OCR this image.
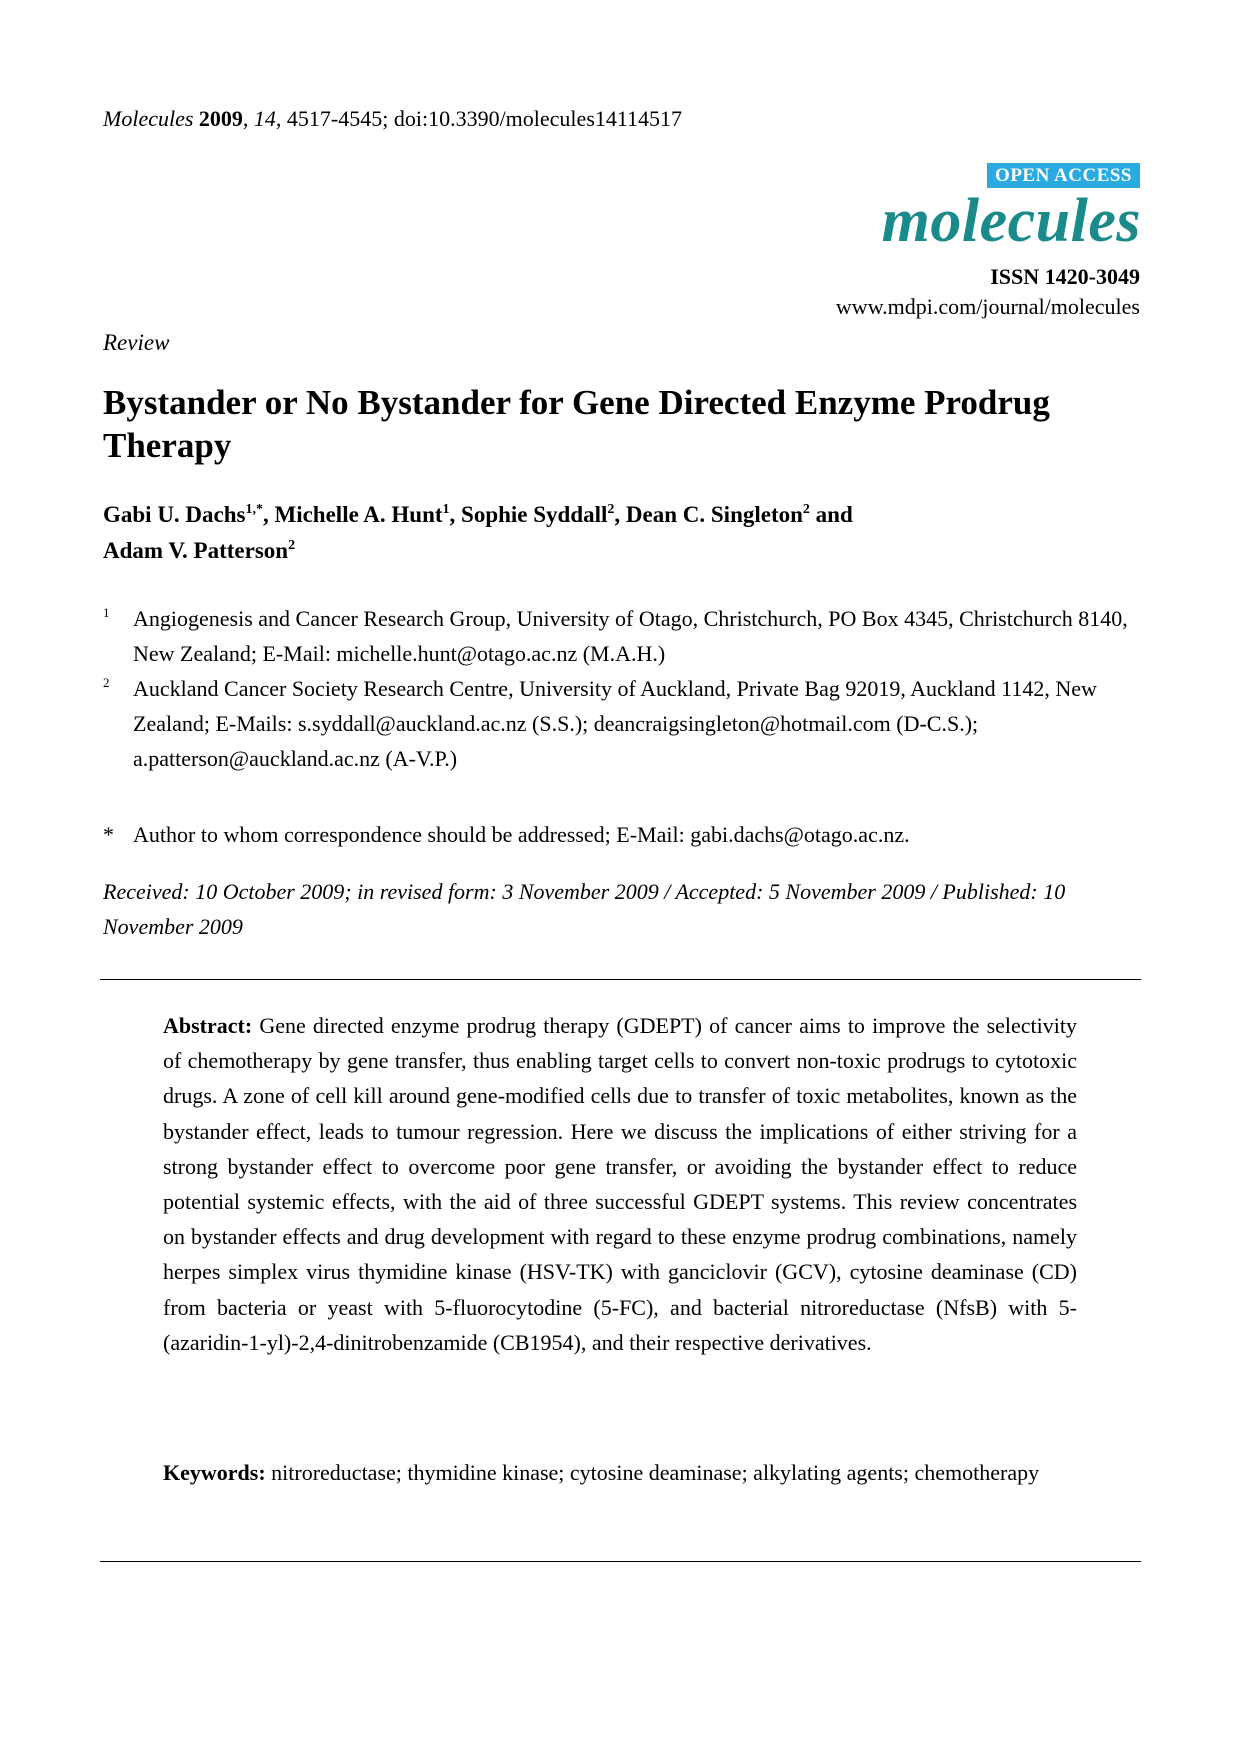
Molecules 2009, 14, 4517-4545; doi:10.3390/molecules14114517
OPEN ACCESS
molecules
ISSN 1420-3049
www.mdpi.com/journal/molecules
Review
Bystander or No Bystander for Gene Directed Enzyme Prodrug Therapy
Gabi U. Dachs$^{1,*}$, Michelle A. Hunt$^1$, Sophie Syddall$^2$, Dean C. Singleton$^2$ and
Adam V. Patterson$^2$
1 Angiogenesis and Cancer Research Group, University of Otago, Christchurch, PO Box 4345, Christchurch 8140, New Zealand; E-Mail: michelle.hunt@otago.ac.nz (M.A.H.)
2 Auckland Cancer Society Research Centre, University of Auckland, Private Bag 92019, Auckland 1142, New Zealand; E-Mails: s.syddall@auckland.ac.nz (S.S.); deancraigsingleton@hotmail.com (D-C.S.); a.patterson@auckland.ac.nz (A-V.P.)
* Author to whom correspondence should be addressed; E-Mail: gabi.dachs@otago.ac.nz.
Received: 10 October 2009; in revised form: 3 November 2009 / Accepted: 5 November 2009 / Published: 10 November 2009
Abstract: Gene directed enzyme prodrug therapy (GDEPT) of cancer aims to improve the selectivity of chemotherapy by gene transfer, thus enabling target cells to convert non-toxic prodrugs to cytotoxic drugs. A zone of cell kill around gene-modified cells due to transfer of toxic metabolites, known as the bystander effect, leads to tumour regression. Here we discuss the implications of either striving for a strong bystander effect to overcome poor gene transfer, or avoiding the bystander effect to reduce potential systemic effects, with the aid of three successful GDEPT systems. This review concentrates on bystander effects and drug development with regard to these enzyme prodrug combinations, namely herpes simplex virus thymidine kinase (HSV-TK) with ganciclovir (GCV), cytosine deaminase (CD) from bacteria or yeast with 5-fluorocytodine (5-FC), and bacterial nitroreductase (NfsB) with 5-(azaridin-1-yl)-2,4-dinitrobenzamide (CB1954), and their respective derivatives.
Keywords: nitroreductase; thymidine kinase; cytosine deaminase; alkylating agents; chemotherapy
